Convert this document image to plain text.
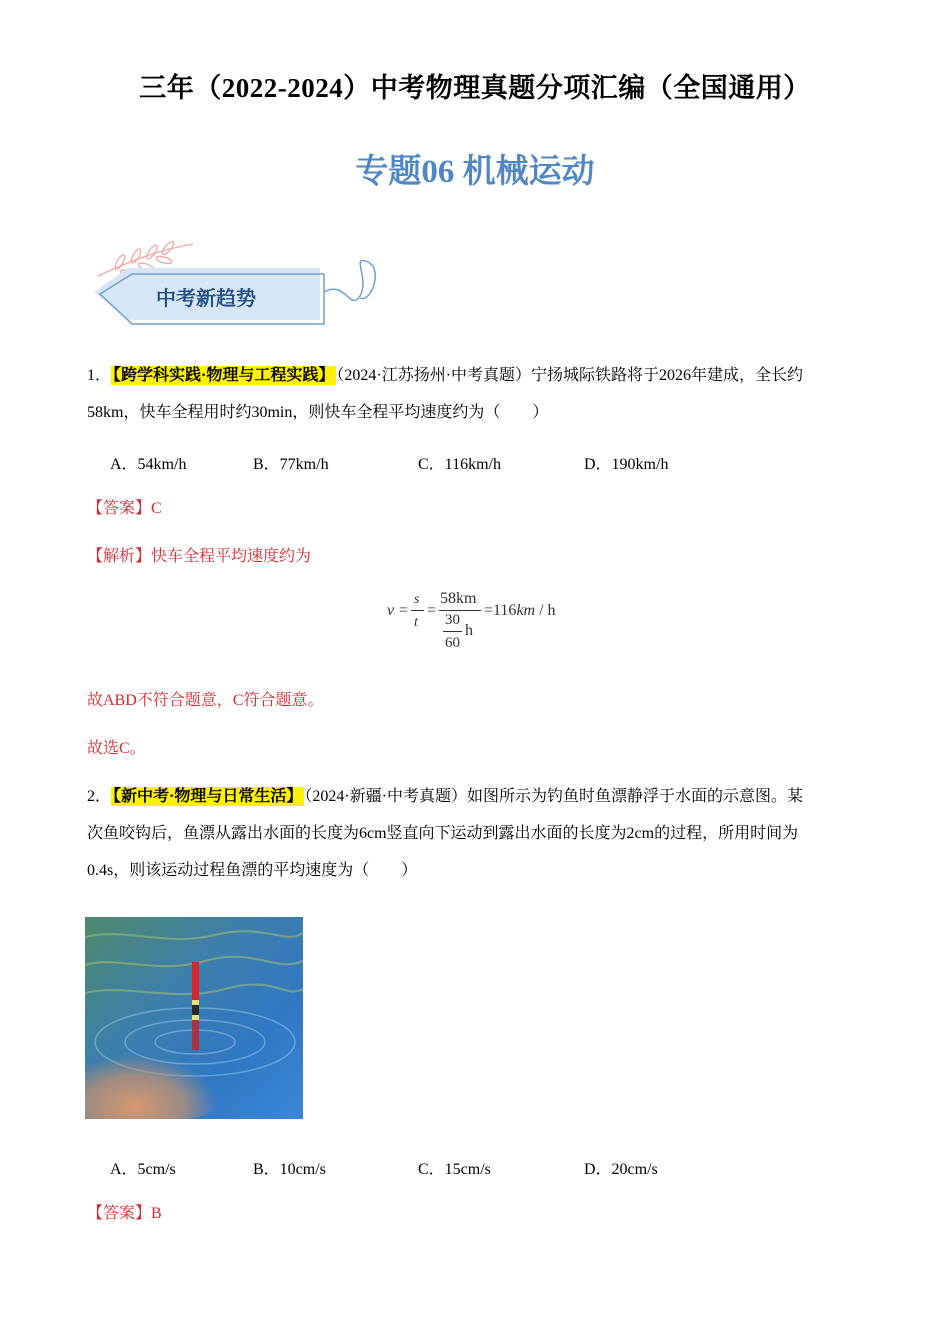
三年（2022-2024）中考物理真题分项汇编（全国通用）
专题06 机械运动
中考新趋势
1． 【跨学科实践·物理与工程实践】 （2024·江苏扬州·中考真题）宁扬城际铁路将于2026年建成，全长约
58km，快车全程用时约30min，则快车全程平均速度约为（　　）
A．54km/h	B．77km/h	C．116km/h	D．190km/h
【答案】C
【解析】快车全程平均速度约为
v =
s
t
=
58km
30
60
h
=116km / h
故ABD不符合题意，C符合题意。
故选C。
2． 【新中考·物理与日常生活】 （2024·新疆·中考真题）如图所示为钓鱼时鱼漂静浮于水面的示意图。某
次鱼咬钩后，鱼漂从露出水面的长度为6cm竖直向下运动到露出水面的长度为2cm的过程，所用时间为
0.4s，则该运动过程鱼漂的平均速度为（　　）
A．5cm/s	B．10cm/s	C．15cm/s	D．20cm/s
【答案】B
